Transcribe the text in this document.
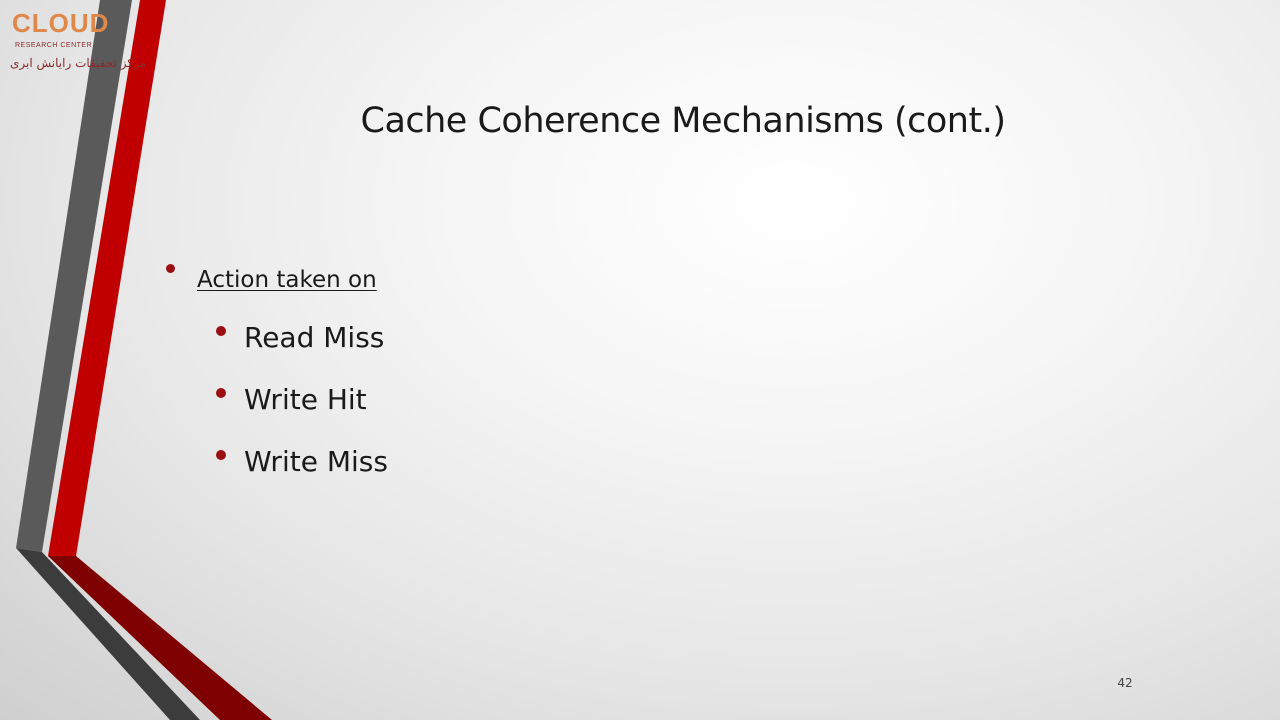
CLOUD
RESEARCH CENTER
مرکز تحقیقات رایانش ابری
Cache Coherence Mechanisms (cont.)
Action taken on
Read Miss
Write Hit
Write Miss
42
